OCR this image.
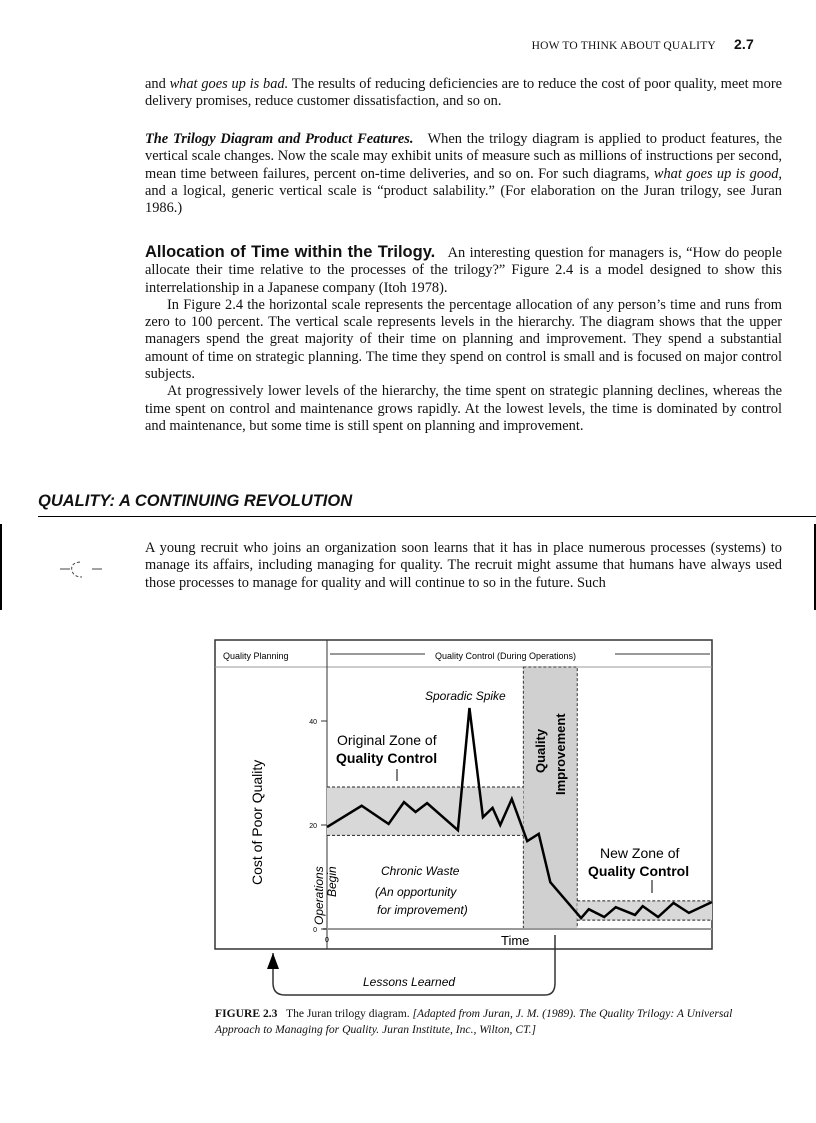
HOW TO THINK ABOUT QUALITY 2.7

and what goes up is bad. The results of reducing deficiencies are to reduce the cost of poor quality, meet more delivery promises, reduce customer dissatisfaction, and so on.

The Trilogy Diagram and Product Features. When the trilogy diagram is applied to product features, the vertical scale changes. Now the scale may exhibit units of measure such as millions of instructions per second, mean time between failures, percent on-time deliveries, and so on. For such diagrams, what goes up is good, and a logical, generic vertical scale is “product salability.” (For elaboration on the Juran trilogy, see Juran 1986.)

Allocation of Time within the Trilogy. An interesting question for managers is, “How do people allocate their time relative to the processes of the trilogy?” Figure 2.4 is a model designed to show this interrelationship in a Japanese company (Itoh 1978).

In Figure 2.4 the horizontal scale represents the percentage allocation of any person’s time and runs from zero to 100 percent. The vertical scale represents levels in the hierarchy. The diagram shows that the upper managers spend the great majority of their time on planning and improvement. They spend a substantial amount of time on strategic planning. The time they spend on control is small and is focused on major control subjects.

At progressively lower levels of the hierarchy, the time spent on strategic planning declines, whereas the time spent on control and maintenance grows rapidly. At the lowest levels, the time is dominated by control and maintenance, but some time is still spent on planning and improvement.

QUALITY: A CONTINUING REVOLUTION

A young recruit who joins an organization soon learns that it has in place numerous processes (systems) to manage its affairs, including managing for quality. The recruit might assume that humans have always used those processes to manage for quality and will continue to so in the future. Such

0
20
40
0
Quality Planning	Quality Control (During Operations)
Sporadic Spike
Original Zone of
Quality Control	Quality Improvement
New Zone of
Quality Control
Chronic Waste
(An opportunity
for improvement)
Operations Begin
Cost of Poor Quality
Time
Lessons Learned
FIGURE 2.3 The Juran trilogy diagram. [Adapted from Juran, J. M. (1989). The Quality Trilogy: A Universal Approach to Managing for Quality. Juran Institute, Inc., Wilton, CT.]
